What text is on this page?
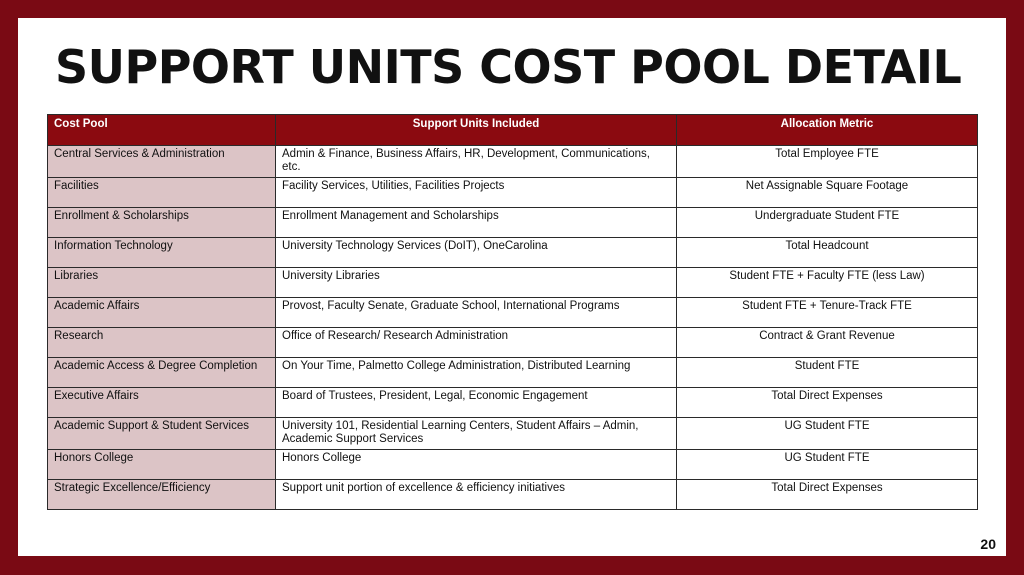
SUPPORT UNITS COST POOL DETAIL
Cost Pool	Support Units Included	Allocation Metric
Central Services & Administration	Admin & Finance, Business Affairs, HR, Development, Communications, etc.	Total Employee FTE
Facilities	Facility Services, Utilities, Facilities Projects	Net Assignable Square Footage
Enrollment & Scholarships	Enrollment Management and Scholarships	Undergraduate Student FTE
Information Technology	University Technology Services (DoIT), OneCarolina	Total Headcount
Libraries	University Libraries	Student FTE + Faculty FTE (less Law)
Academic Affairs	Provost, Faculty Senate, Graduate School, International Programs	Student FTE + Tenure-Track FTE
Research	Office of Research/ Research Administration	Contract & Grant Revenue
Academic Access & Degree Completion	On Your Time, Palmetto College Administration, Distributed Learning	Student FTE
Executive Affairs	Board of Trustees, President, Legal, Economic Engagement	Total Direct Expenses
Academic Support & Student Services	University 101, Residential Learning Centers, Student Affairs – Admin, Academic Support Services	UG Student FTE
Honors College	Honors College	UG Student FTE
Strategic Excellence/Efficiency	Support unit portion of excellence & efficiency initiatives	Total Direct Expenses
20
